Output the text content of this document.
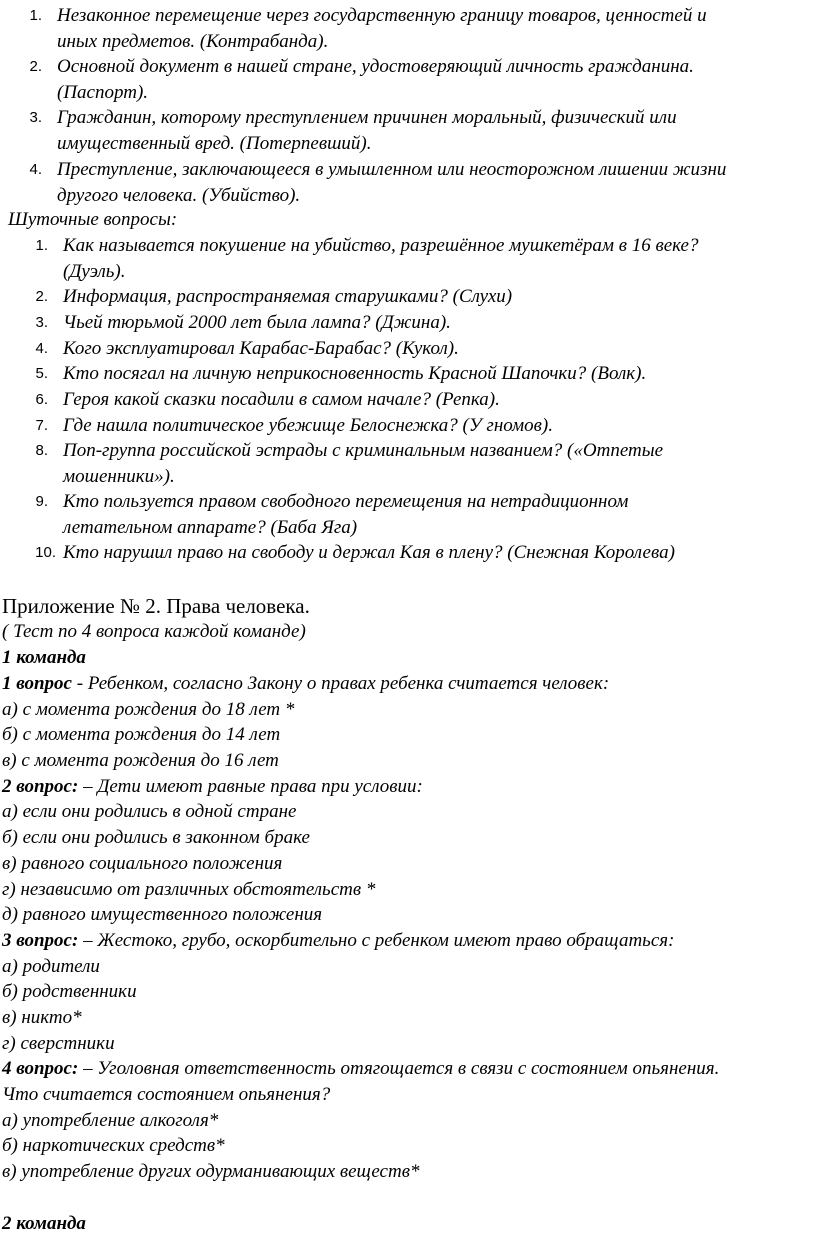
1. Незаконное перемещение через государственную границу товаров, ценностей и
иных предметов. (Контрабанда).
2. Основной документ в нашей стране, удостоверяющий личность гражданина.
(Паспорт).
3. Гражданин, которому преступлением причинен моральный, физический или
имущественный вред. (Потерпевший).
4. Преступление, заключающееся в умышленном или неосторожном лишении жизни
другого человека. (Убийство).
Шуточные вопросы:
1. Как называется покушение на убийство, разрешённое мушкетёрам в 16 веке?
(Дуэль).
2. Информация, распространяемая старушками? (Слухи)
3. Чьей тюрьмой 2000 лет была лампа? (Джина).
4. Кого эксплуатировал Карабас-Барабас? (Кукол).
5. Кто посягал на личную неприкосновенность Красной Шапочки? (Волк).
6. Героя какой сказки посадили в самом начале? (Репка).
7. Где нашла политическое убежище Белоснежка? (У гномов).
8. Поп-группа российской эстрады с криминальным названием? («Отпетые
мошенники»).
9. Кто пользуется правом свободного перемещения на нетрадиционном
летательном аппарате? (Баба Яга)
10. Кто нарушил право на свободу и держал Кая в плену? (Снежная Королева)
Приложение № 2. Права человека.
( Тест по 4 вопроса каждой команде)
1 команда
1 вопрос - Ребенком, согласно Закону о правах ребенка считается человек:
а) с момента рождения до 18 лет *
б) с момента рождения до 14 лет
в) с момента рождения до 16 лет
2 вопрос: – Дети имеют равные права при условии:
а) если они родились в одной стране
б) если они родились в законном браке
в) равного социального положения
г) независимо от различных обстоятельств *
д) равного имущественного положения
3 вопрос: – Жестоко, грубо, оскорбительно с ребенком имеют право обращаться:
а) родители
б) родственники
в) никто*
г) сверстники
4 вопрос: – Уголовная ответственность отягощается в связи с состоянием опьянения.
Что считается состоянием опьянения?
а) употребление алкоголя*
б) наркотических средств*
в) употребление других одурманивающих веществ*
2 команда
